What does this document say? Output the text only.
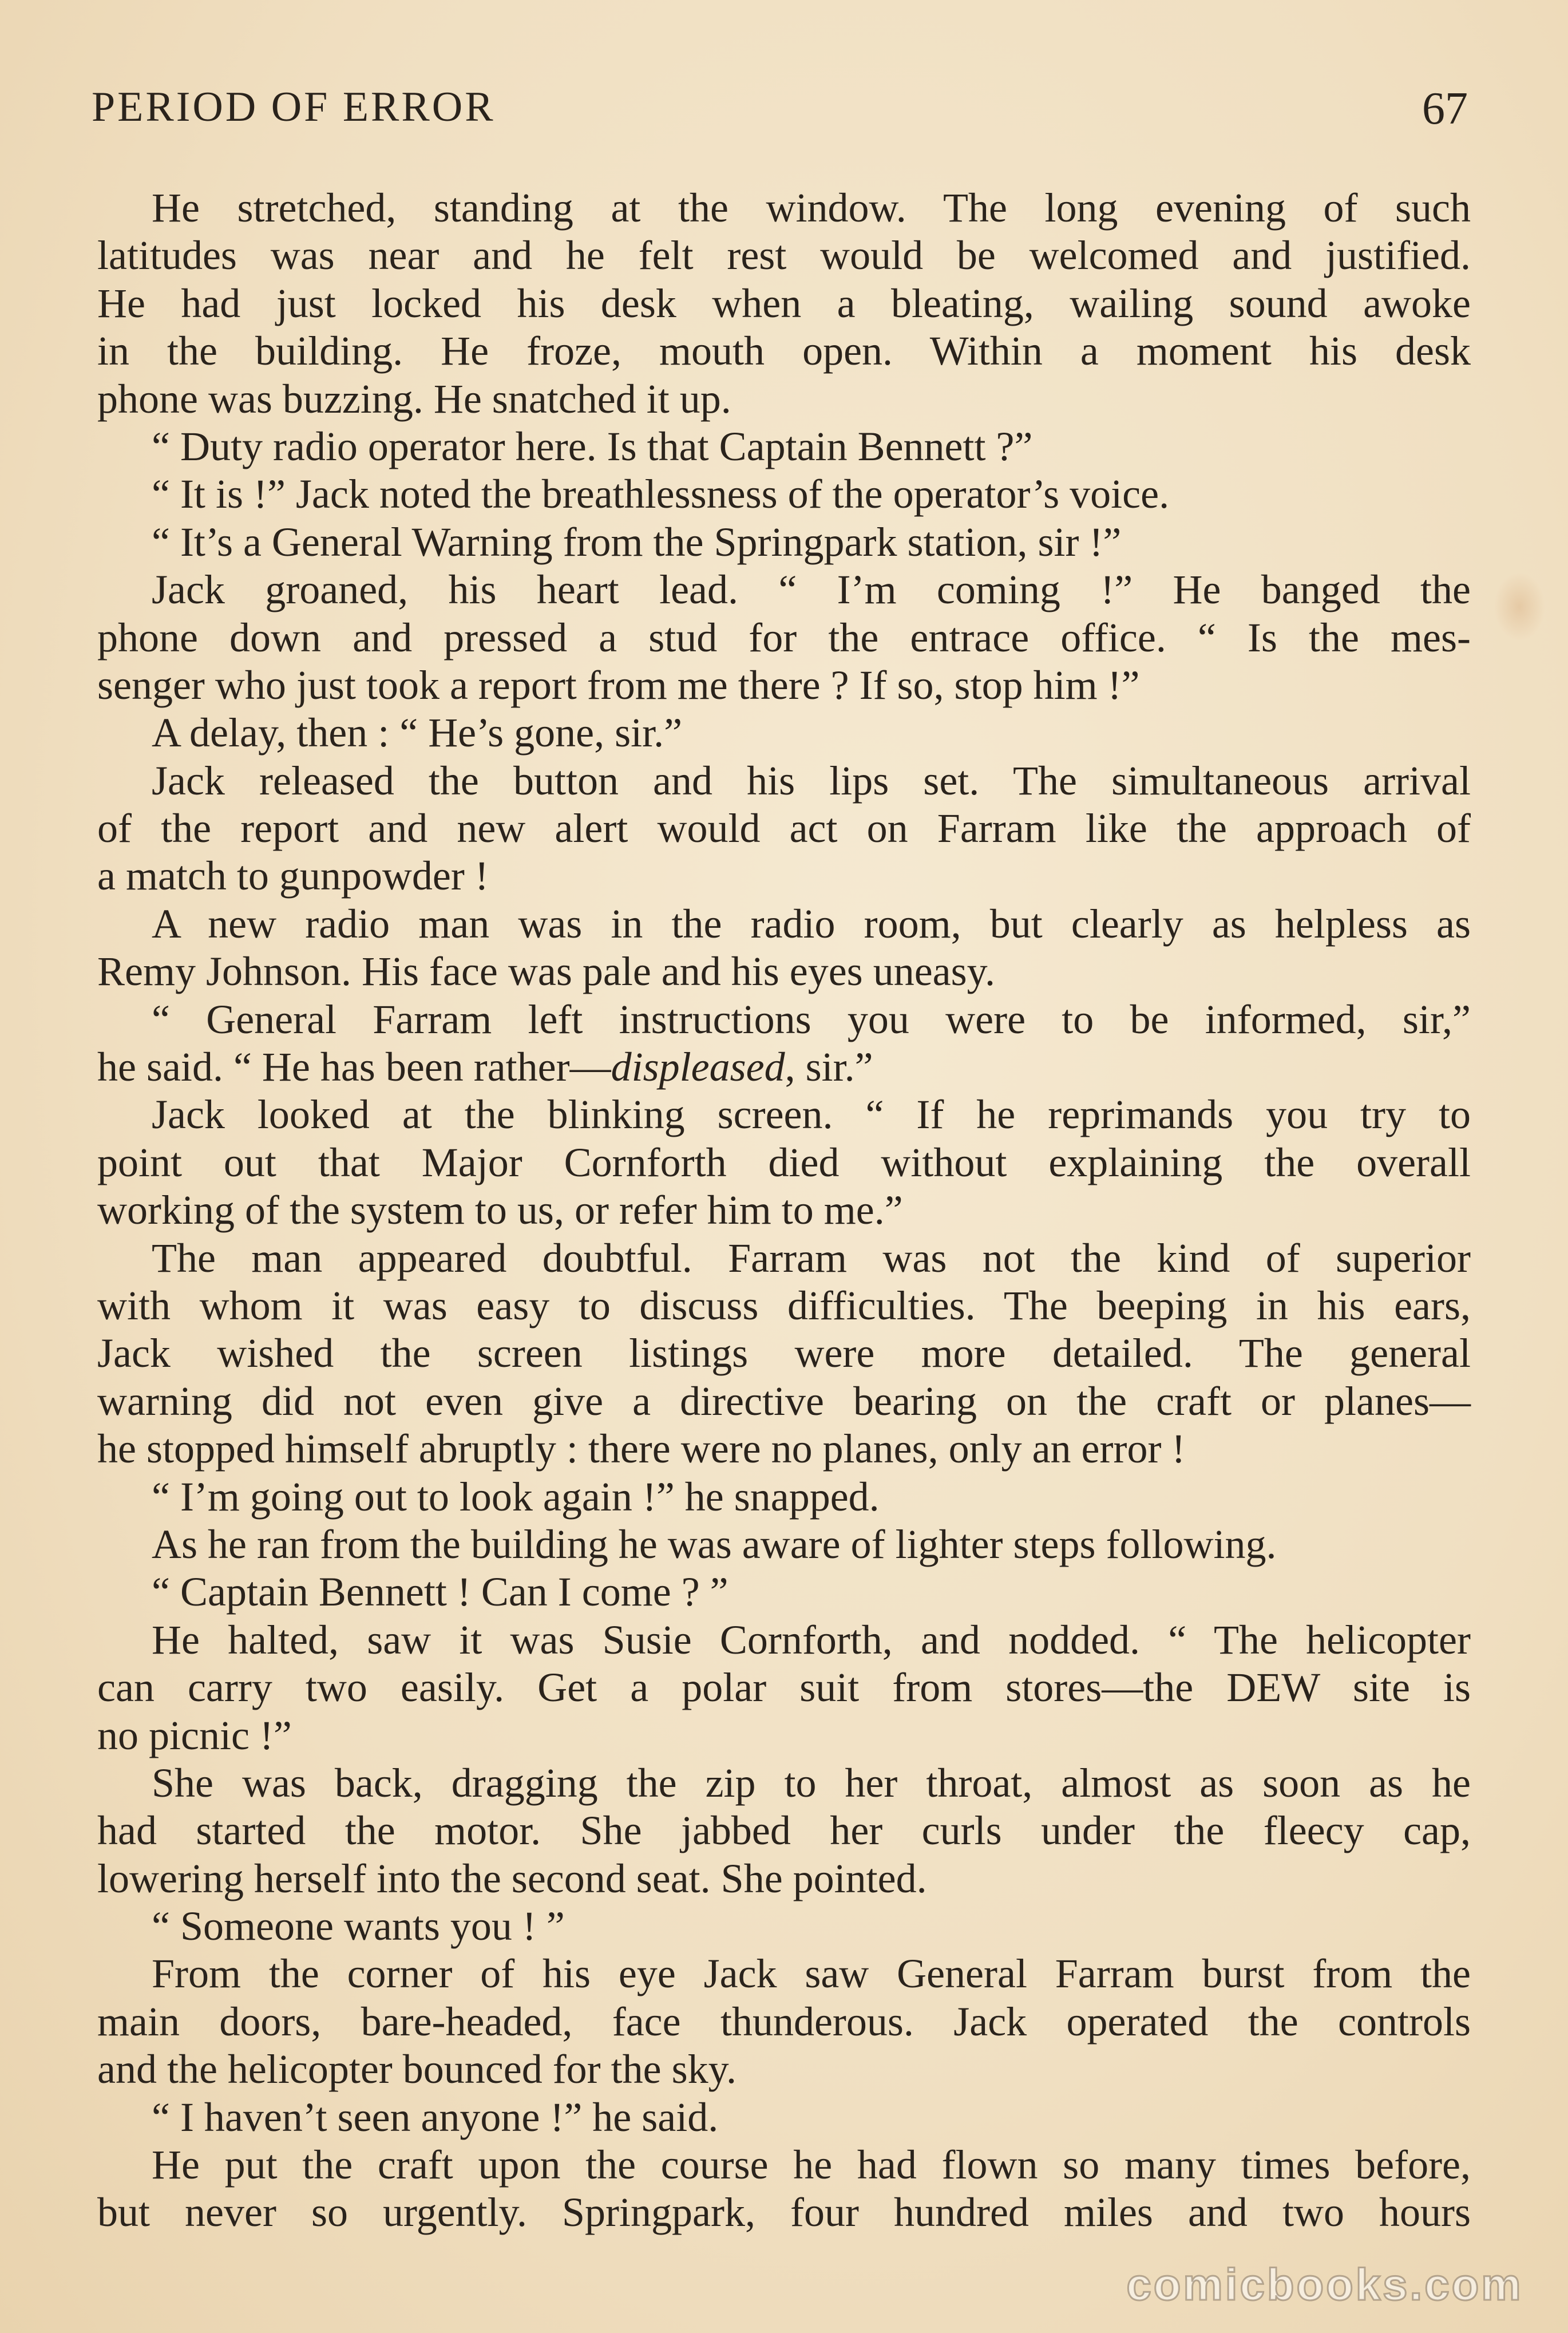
PERIOD OF ERROR	67
He stretched, standing at the window. The long evening of such
latitudes was near and he felt rest would be welcomed and justified.
He had just locked his desk when a bleating, wailing sound awoke
in the building. He froze, mouth open. Within a moment his desk
phone was buzzing. He snatched it up.
“ Duty radio operator here. Is that Captain Bennett ?”
“ It is !” Jack noted the breathlessness of the operator’s voice.
“ It’s a General Warning from the Springpark station, sir !”
Jack groaned, his heart lead. “ I’m coming !” He banged the
phone down and pressed a stud for the entrace office. “ Is the mes-
senger who just took a report from me there ? If so, stop him !”
A delay, then : “ He’s gone, sir.”
Jack released the button and his lips set. The simultaneous arrival
of the report and new alert would act on Farram like the approach of
a match to gunpowder !
A new radio man was in the radio room, but clearly as helpless as
Remy Johnson. His face was pale and his eyes uneasy.
“ General Farram left instructions you were to be informed, sir,”
he said. “ He has been rather—displeased, sir.”
Jack looked at the blinking screen. “ If he reprimands you try to
point out that Major Cornforth died without explaining the overall
working of the system to us, or refer him to me.”
The man appeared doubtful. Farram was not the kind of superior
with whom it was easy to discuss difficulties. The beeping in his ears,
Jack wished the screen listings were more detailed. The general
warning did not even give a directive bearing on the craft or planes—
he stopped himself abruptly : there were no planes, only an error !
“ I’m going out to look again !” he snapped.
As he ran from the building he was aware of lighter steps following.
“ Captain Bennett ! Can I come ? ”
He halted, saw it was Susie Cornforth, and nodded. “ The helicopter
can carry two easily. Get a polar suit from stores—the DEW site is
no picnic !”
She was back, dragging the zip to her throat, almost as soon as he
had started the motor. She jabbed her curls under the fleecy cap,
lowering herself into the second seat. She pointed.
“ Someone wants you ! ”
From the corner of his eye Jack saw General Farram burst from the
main doors, bare-headed, face thunderous. Jack operated the controls
and the helicopter bounced for the sky.
“ I haven’t seen anyone !” he said.
He put the craft upon the course he had flown so many times before,
but never so urgently. Springpark, four hundred miles and two hours
comicbooks.com
